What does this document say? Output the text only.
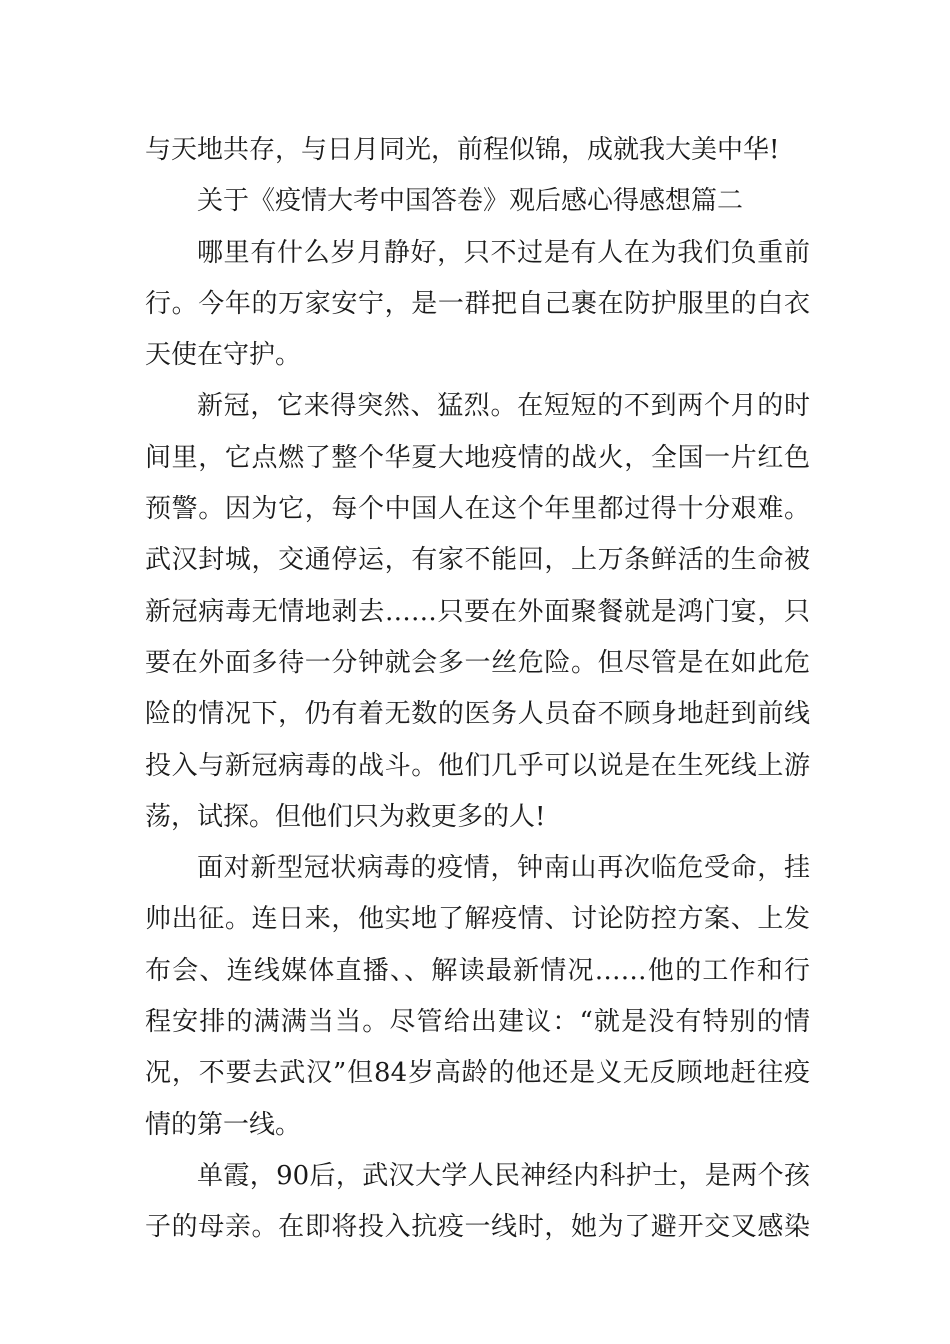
与天地共存，与日月同光，前程似锦，成就我大美中华!
关于《疫情大考中国答卷》观后感心得感想篇二
哪里有什么岁月静好，只不过是有人在为我们负重前
行。今年的万家安宁，是一群把自己裹在防护服里的白衣
天使在守护。
新冠，它来得突然、猛烈。在短短的不到两个月的时
间里，它点燃了整个华夏大地疫情的战火，全国一片红色
预警。因为它，每个中国人在这个年里都过得十分艰难。
武汉封城，交通停运，有家不能回，上万条鲜活的生命被
新冠病毒无情地剥去……只要在外面聚餐就是鸿门宴，只
要在外面多待一分钟就会多一丝危险。但尽管是在如此危
险的情况下，仍有着无数的医务人员奋不顾身地赶到前线
投入与新冠病毒的战斗。他们几乎可以说是在生死线上游
荡，试探。但他们只为救更多的人!
面对新型冠状病毒的疫情，钟南山再次临危受命，挂
帅出征。连日来，他实地了解疫情、讨论防控方案、上发
布会、连线媒体直播、、解读最新情况……他的工作和行
程安排的满满当当。尽管给出建议：“就是没有特别的情
况，不要去武汉”但84岁高龄的他还是义无反顾地赶往疫
情的第一线。
单霞，90后，武汉大学人民神经内科护士，是两个孩
子的母亲。在即将投入抗疫一线时，她为了避开交叉感染
